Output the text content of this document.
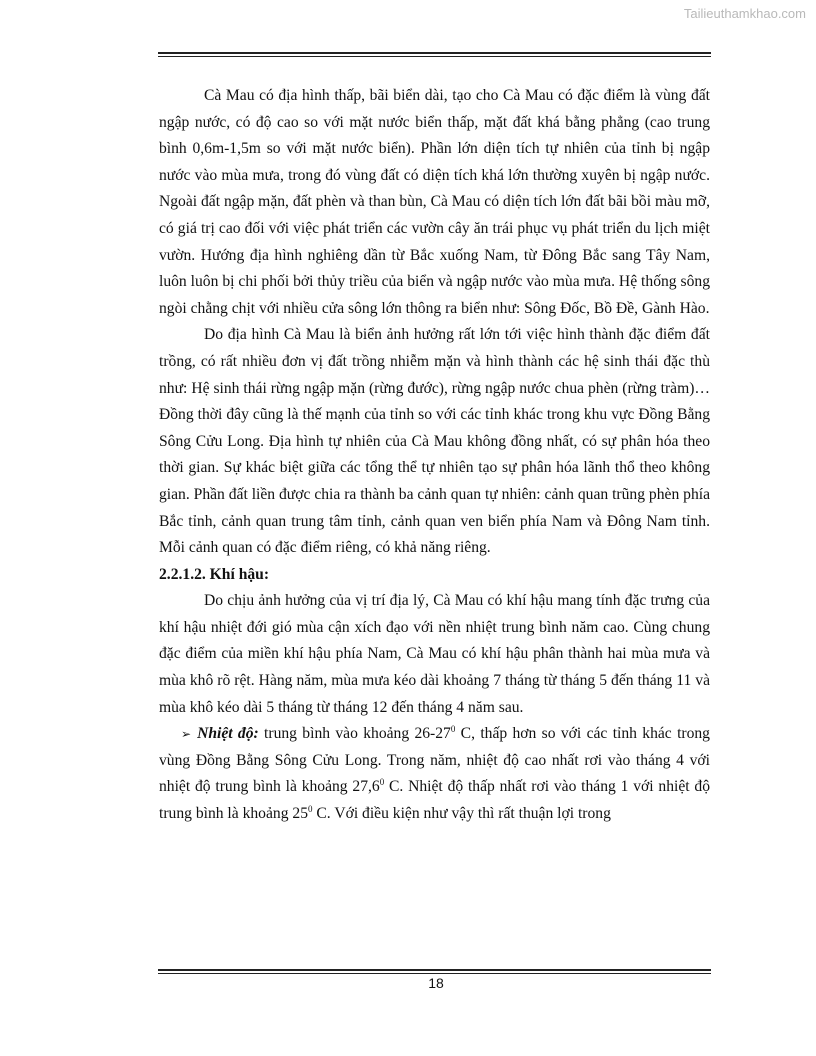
Tailieuthamkhao.com

Cà Mau có địa hình thấp, bãi biển dài, tạo cho Cà Mau có đặc điểm là vùng đất ngập nước, có độ cao so với mặt nước biển thấp, mặt đất khá bằng phẳng (cao trung bình 0,6m-1,5m so với mặt nước biển). Phần lớn diện tích tự nhiên của tỉnh bị ngập nước vào mùa mưa, trong đó vùng đất có diện tích khá lớn thường xuyên bị ngập nước. Ngoài đất ngập mặn, đất phèn và than bùn, Cà Mau có diện tích lớn đất bãi bồi màu mỡ, có giá trị cao đối với việc phát triển các vườn cây ăn trái phục vụ phát triển du lịch miệt vườn. Hướng địa hình nghiêng dần từ Bắc xuống Nam, từ Đông Bắc sang Tây Nam, luôn luôn bị chi phối bởi thủy triều của biển và ngập nước vào mùa mưa. Hệ thống sông ngòi chằng chịt với nhiều cửa sông lớn thông ra biển như: Sông Đốc, Bồ Đề, Gành Hào.

Do địa hình Cà Mau là biển ảnh hưởng rất lớn tới việc hình thành đặc điểm đất trồng, có rất nhiều đơn vị đất trồng nhiễm mặn và hình thành các hệ sinh thái đặc thù như: Hệ sinh thái rừng ngập mặn (rừng đước), rừng ngập nước chua phèn (rừng tràm)…Đồng thời đây cũng là thế mạnh của tỉnh so với các tỉnh khác trong khu vực Đồng Bằng Sông Cửu Long. Địa hình tự nhiên của Cà Mau không đồng nhất, có sự phân hóa theo thời gian. Sự khác biệt giữa các tổng thể tự nhiên tạo sự phân hóa lãnh thổ theo không gian. Phần đất liền được chia ra thành ba cảnh quan tự nhiên: cảnh quan trũng phèn phía Bắc tỉnh, cảnh quan trung tâm tỉnh, cảnh quan ven biển phía Nam và Đông Nam tỉnh. Mỗi cảnh quan có đặc điểm riêng, có khả năng riêng.

2.2.1.2. Khí hậu:

Do chịu ảnh hưởng của vị trí địa lý, Cà Mau có khí hậu mang tính đặc trưng của khí hậu nhiệt đới gió mùa cận xích đạo với nền nhiệt trung bình năm cao. Cùng chung đặc điểm của miền khí hậu phía Nam, Cà Mau có khí hậu phân thành hai mùa mưa và mùa khô rõ rệt. Hàng năm, mùa mưa kéo dài khoảng 7 tháng từ tháng 5 đến tháng 11 và mùa khô kéo dài 5 tháng từ tháng 12 đến tháng 4 năm sau.

➢ Nhiệt độ: trung bình vào khoảng $26-27^0$ C, thấp hơn so với các tỉnh khác trong vùng Đồng Bằng Sông Cửu Long. Trong năm, nhiệt độ cao nhất rơi vào tháng 4 với nhiệt độ trung bình là khoảng 27,6$^0$ C. Nhiệt độ thấp nhất rơi vào tháng 1 với nhiệt độ trung bình là khoảng $25^0$ C. Với điều kiện như vậy thì rất thuận lợi trong

18
